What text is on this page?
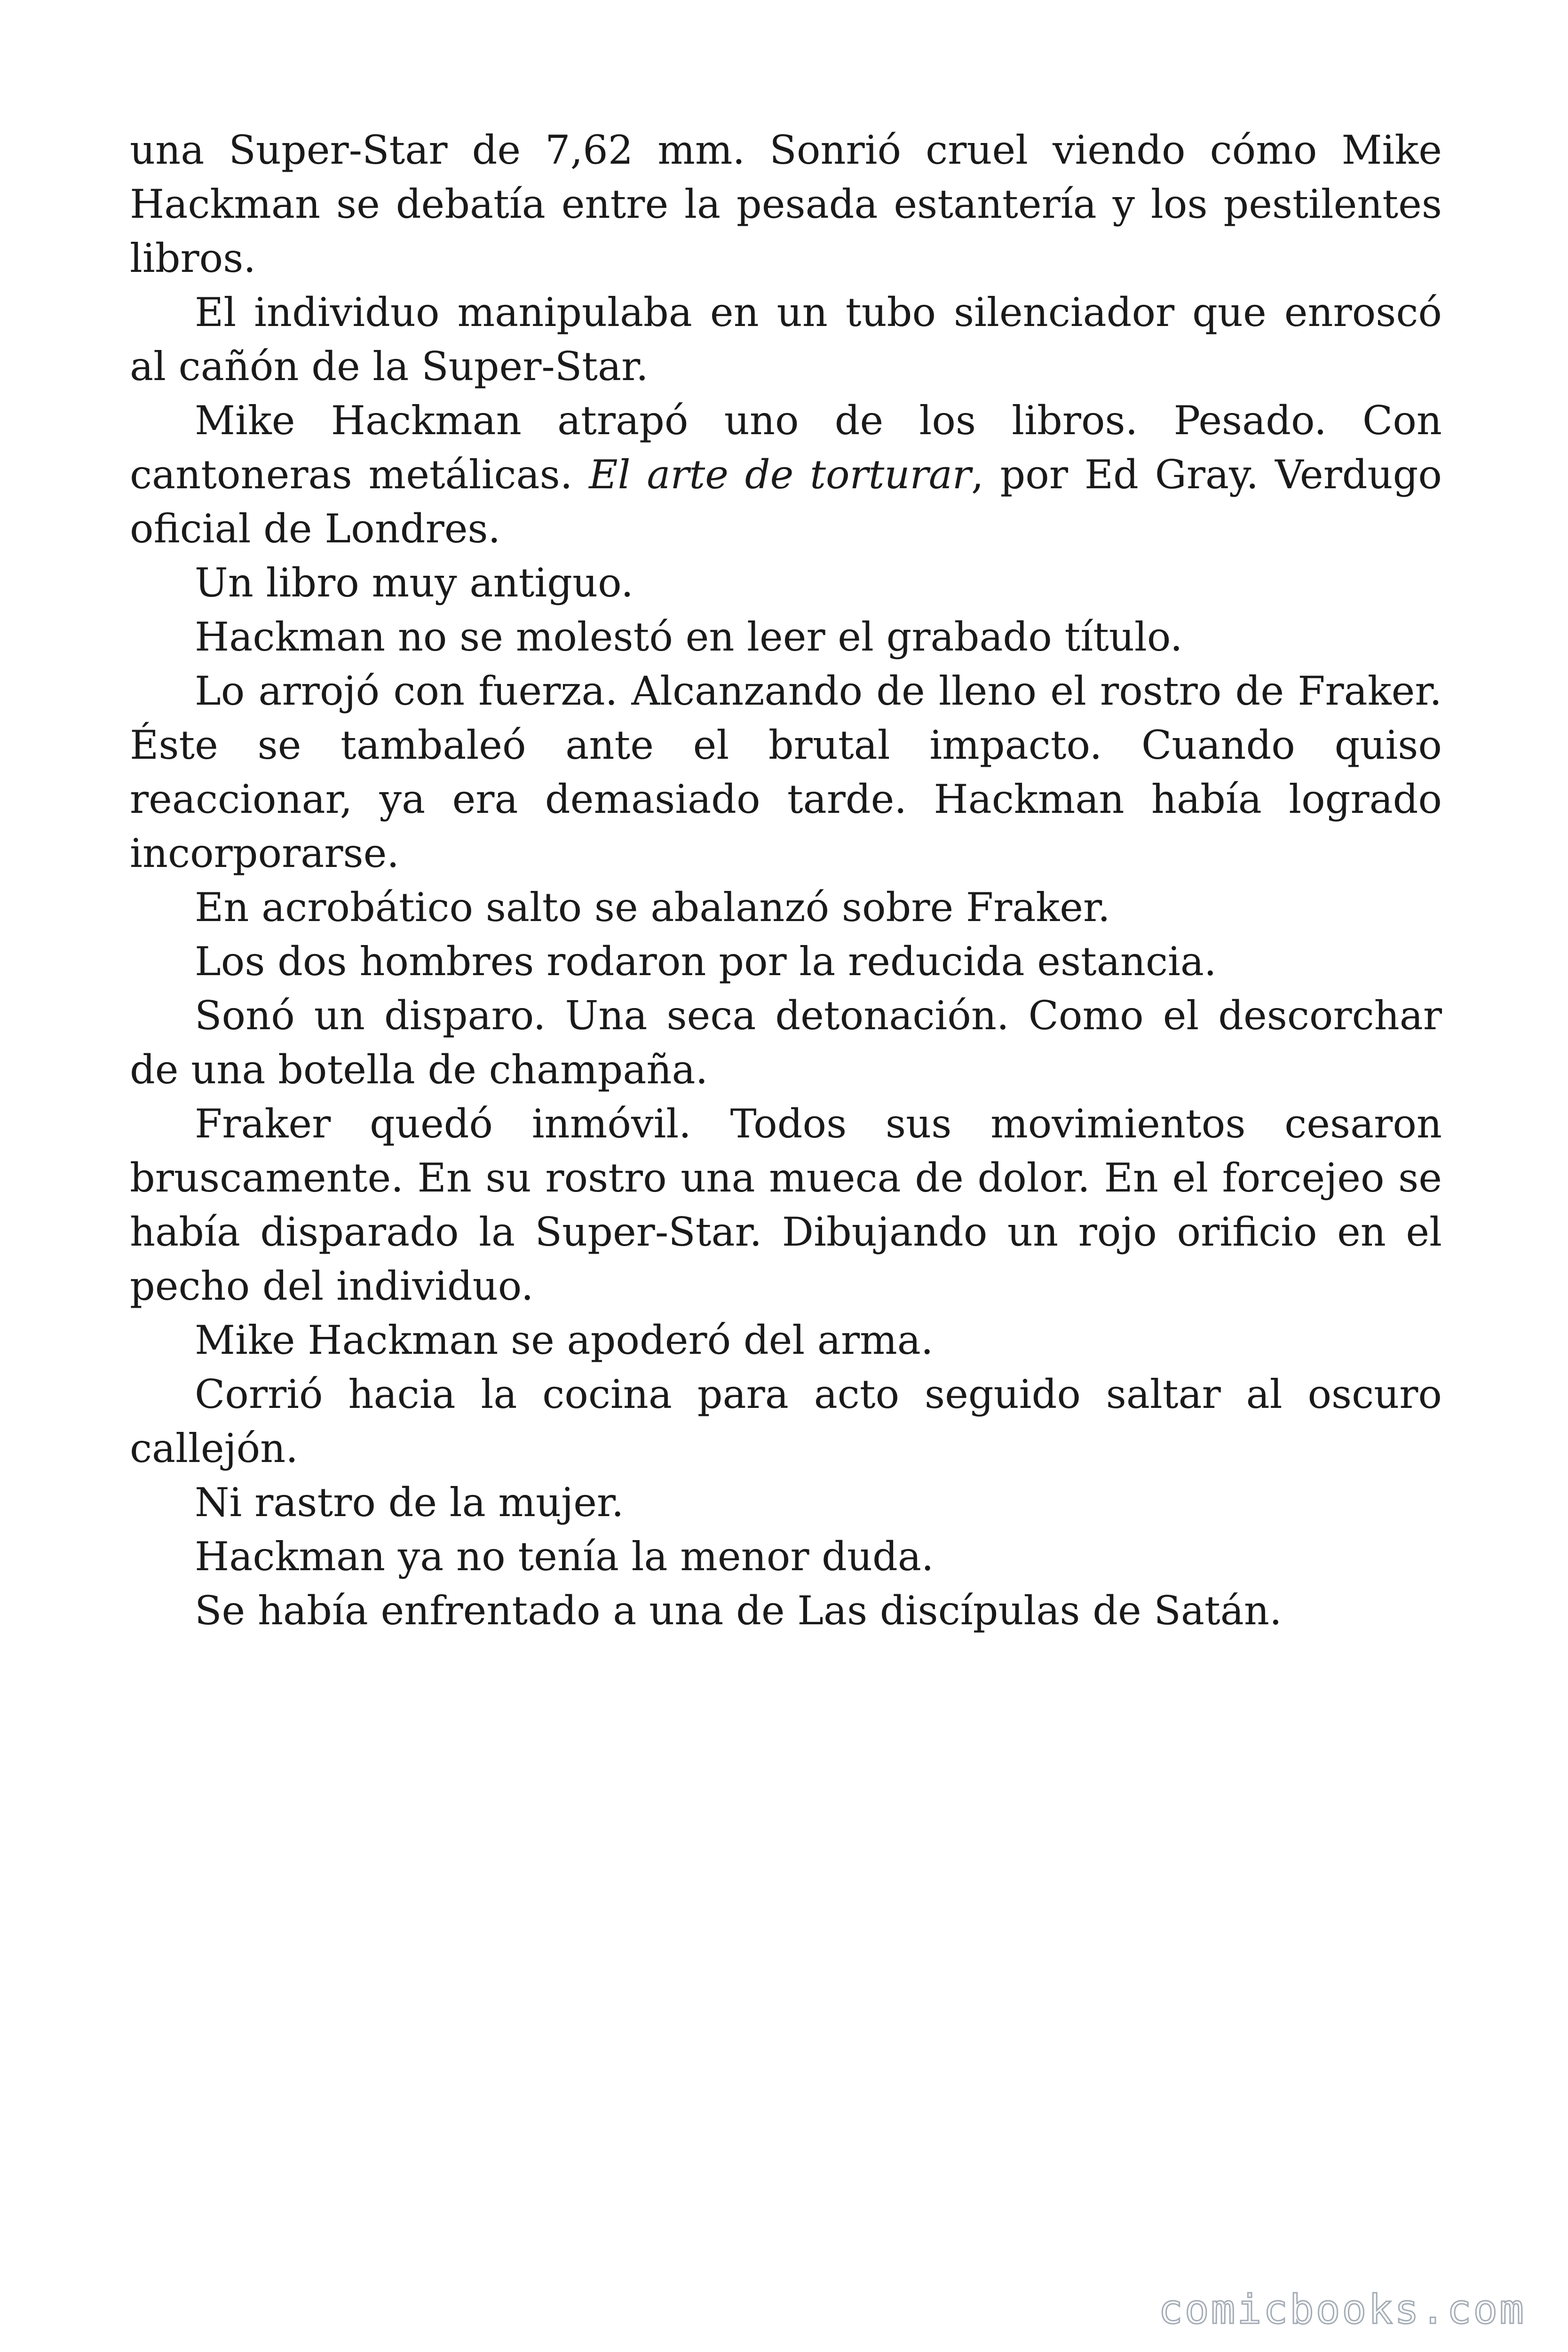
una Super-Star de 7,62 mm. Sonrió cruel viendo cómo Mike Hackman se debatía entre la pesada estantería y los pestilentes libros.

El individuo manipulaba en un tubo silenciador que enroscó al cañón de la Super-Star.

Mike Hackman atrapó uno de los libros. Pesado. Con cantoneras metálicas. El arte de torturar, por Ed Gray. Verdugo oficial de Londres.

Un libro muy antiguo.

Hackman no se molestó en leer el grabado título.

Lo arrojó con fuerza. Alcanzando de lleno el rostro de Fraker. Éste se tambaleó ante el brutal impacto. Cuando quiso reaccionar, ya era demasiado tarde. Hackman había logrado incorporarse.

En acrobático salto se abalanzó sobre Fraker.

Los dos hombres rodaron por la reducida estancia.

Sonó un disparo. Una seca detonación. Como el descorchar de una botella de champaña.

Fraker quedó inmóvil. Todos sus movimientos cesaron bruscamente. En su rostro una mueca de dolor. En el forcejeo se había disparado la Super-Star. Dibujando un rojo orificio en el pecho del individuo.

Mike Hackman se apoderó del arma.

Corrió hacia la cocina para acto seguido saltar al oscuro callejón.

Ni rastro de la mujer.

Hackman ya no tenía la menor duda.

Se había enfrentado a una de Las discípulas de Satán.

comicbooks.com
